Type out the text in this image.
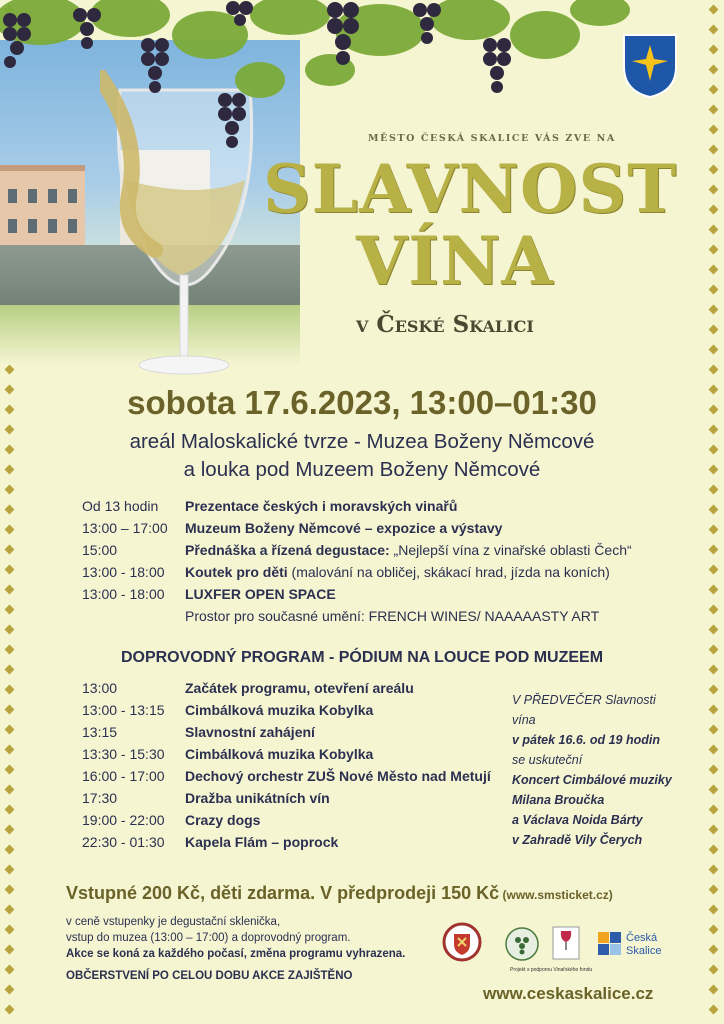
MĚSTO ČESKÁ SKALICE VÁS ZVE NA
SLAVNOST
VÍNA
v České Skalici
sobota 17.6.2023, 13:00–01:30
areál Maloskalické tvrze - Muzea Boženy Němcové
a louka pod Muzeem Boženy Němcové
Od 13 hodin Prezentace českých i moravských vinařů
13:00 – 17:00 Muzeum Boženy Němcové – expozice a výstavy
15:00	Přednáška a řízená degustace: „Nejlepší vína z vinařské oblasti Čech“
13:00 - 18:00 Koutek pro děti (malování na obličej, skákací hrad, jízda na koních)
13:00 - 18:00 LUXFER OPEN SPACE
Prostor pro současné umění: FRENCH WINES/ NAAAAASTY ART
DOPROVODNÝ PROGRAM - PÓDIUM NA LOUCE POD MUZEEM
13:00	Začátek programu, otevření areálu
13:00 - 13:15 Cimbálková muzika Kobylka
13:15	Slavnostní zahájení
13:30 - 15:30 Cimbálková muzika Kobylka
16:00 - 17:00 Dechový orchestr ZUŠ Nové Město nad Metují
17:30	Dražba unikátních vín
19:00 - 22:00 Crazy dogs
22:30 - 01:30 Kapela Flám – poprock
V PŘEDVEČER Slavnosti vína
v pátek 16.6. od 19 hodin
se uskuteční
Koncert Cimbálové muziky
Milana Broučka
a Václava Noida Bárty
v Zahradě Vily Čerych
Vstupné 200 Kč, děti zdarma. V předprodeji 150 Kč (www.smsticket.cz)
v ceně vstupenky je degustační sklenička,
vstup do muzea (13:00 – 17:00) a doprovodný program.
Akce se koná za každého počasí, změna programu vyhrazena.
OBČERSTVENÍ PO CELOU DOBU AKCE ZAJIŠTĚNO
Česká
Skalice
Projekt s podporou Vinařského fondu
www.ceskaskalice.cz
